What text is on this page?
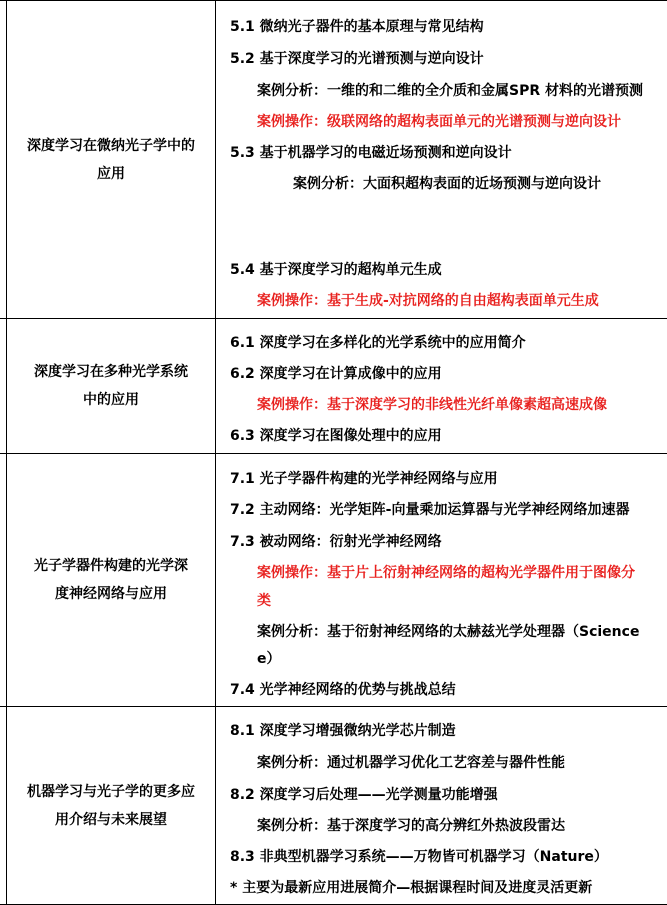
深度学习在微纳光子学中的
应用
5.1 微纳光子器件的基本原理与常见结构
5.2 基于深度学习的光谱预测与逆向设计
案例分析：一维的和二维的全介质和金属SPR 材料的光谱预测
案例操作：级联网络的超构表面单元的光谱预测与逆向设计
5.3 基于机器学习的电磁近场预测和逆向设计
案例分析：大面积超构表面的近场预测与逆向设计
5.4 基于深度学习的超构单元生成
案例操作：基于生成-对抗网络的自由超构表面单元生成
深度学习在多种光学系统
中的应用
6.1 深度学习在多样化的光学系统中的应用简介
6.2 深度学习在计算成像中的应用
案例操作：基于深度学习的非线性光纤单像素超高速成像
6.3 深度学习在图像处理中的应用
光子学器件构建的光学深
度神经网络与应用
7.1 光子学器件构建的光学神经网络与应用
7.2 主动网络：光学矩阵-向量乘加运算器与光学神经网络加速器
7.3 被动网络：衍射光学神经网络
案例操作：基于片上衍射神经网络的超构光学器件用于图像分
类
案例分析：基于衍射神经网络的太赫兹光学处理器（Science
e）
7.4 光学神经网络的优势与挑战总结
机器学习与光子学的更多应
用介绍与未来展望
8.1 深度学习增强微纳光学芯片制造
案例分析：通过机器学习优化工艺容差与器件性能
8.2 深度学习后处理——光学测量功能增强
案例分析：基于深度学习的高分辨红外热波段雷达
8.3 非典型机器学习系统——万物皆可机器学习（Nature）
* 主要为最新应用进展简介—根据课程时间及进度灵活更新
